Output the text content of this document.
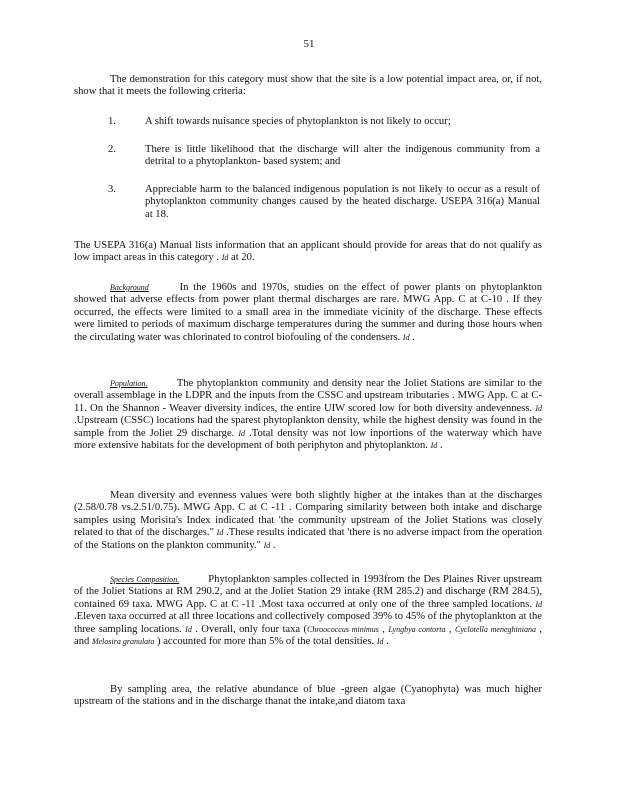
51

The demonstration for this category must show that the site is a low potential impact area, or, if not, show that it meets the following criteria:

1.	A shift towards nuisance species of phytoplankton is not likely to occur;
2.	There is little likelihood that the discharge will alter the indigenous community from a detrital to a phytoplankton- based system; and
3.	Appreciable harm to the balanced indigenous population is not likely to occur as a result of phytoplankton community changes caused by the heated discharge. USEPA 316(a) Manual at 18.

The USEPA 316(a) Manual lists information that an applicant should provide for areas that do not qualify as low impact areas in this category . Id at 20.

Background In the 1960s and 1970s, studies on the effect of power plants on phytoplankton showed that adverse effects from power plant thermal discharges are rare. MWG App. C at C-10 . If they occurred, the effects were limited to a small area in the immediate vicinity of the discharge. These effects were limited to periods of maximum discharge temperatures during the summer and during those hours when the circulating water was chlorinated to control biofouling of the condensers. Id .

Population. The phytoplankton community and density near the Joliet Stations are similar to the overall assemblage in the LDPR and the inputs from the CSSC and upstream tributaries . MWG App. C at C-11. On the Shannon - Weaver diversity indices, the entire UIW scored low for both diversity andevenness. Id .Upstream (CSSC) locations had the sparest phytoplankton density, while the highest density was found in the sample from the Joliet 29 discharge. Id .Total density was not low inportions of the waterway which have more extensive habitats for the development of both periphyton and phytoplankton. Id .

Mean diversity and evenness values were both slightly higher at the intakes than at the discharges (2.58/0.78 vs.2.51/0.75). MWG App. C at C -11 . Comparing similarity between both intake and discharge samples using Morisita's Index indicated that 'the community upstream of the Joliet Stations was closely related to that of the discharges." Id .These results indicated that 'there is no adverse impact from the operation of the Stations on the plankton community." Id .

Species Composition. Phytoplankton samples collected in 1993from the Des Plaines River upstream of the Joliet Stations at RM 290.2, and at the Joliet Station 29 intake (RM 285.2) and discharge (RM 284.5), contained 69 taxa. MWG App. C at C -11 .Most taxa occurred at only one of the three sampled locations. Id .Eleven taxa occurred at all three locations and collectively composed 39% to 45% of the phytoplankton at the three sampling locations. Id . Overall, only four taxa (Chroococcus minimus , Lyngbya contorta , Cyclotella meneghiniana , and Melosira granulata ) accounted for more than 5% of the total densities. Id .

By sampling area, the relative abundance of blue -green algae (Cyanophyta) was much higher upstream of the stations and in the discharge thanat the intake,and diatom taxa
